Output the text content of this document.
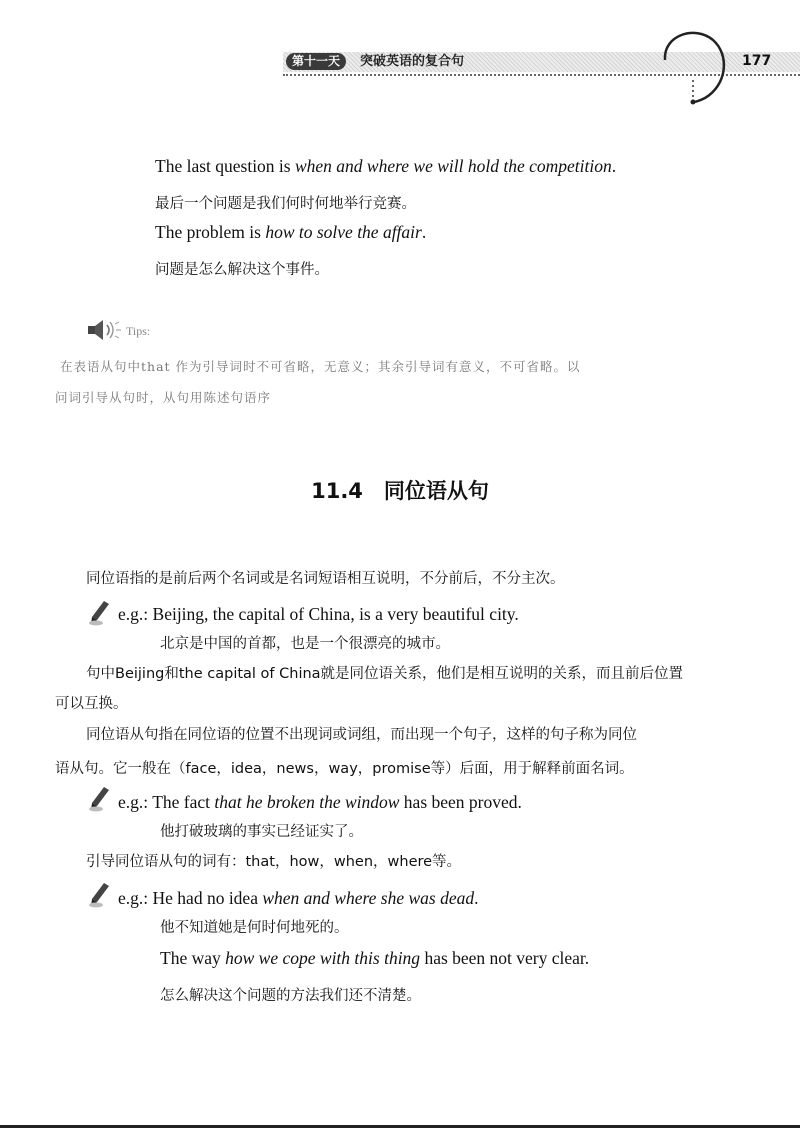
第十一天	突破英语的复合句	177
The last question is when and where we will hold the competition.
最后一个问题是我们何时何地举行竞赛。
The problem is how to solve the affair.
问题是怎么解决这个事件。
Tips:
在表语从句中that 作为引导词时不可省略，无意义；其余引导词有意义，不可省略。以
问词引导从句时，从句用陈述句语序
11.4　同位语从句
同位语指的是前后两个名词或是名词短语相互说明，不分前后，不分主次。
e.g.: Beijing, the capital of China, is a very beautiful city.
北京是中国的首都，也是一个很漂亮的城市。
句中Beijing和the capital of China就是同位语关系，他们是相互说明的关系，而且前后位置
可以互换。
同位语从句指在同位语的位置不出现词或词组，而出现一个句子，这样的句子称为同位
语从句。它一般在（face，idea，news，way，promise等）后面，用于解释前面名词。
e.g.: The fact that he broken the window has been proved.
他打破玻璃的事实已经证实了。
引导同位语从句的词有：that，how，when，where等。
e.g.: He had no idea when and where she was dead.
他不知道她是何时何地死的。
The way how we cope with this thing has been not very clear.
怎么解决这个问题的方法我们还不清楚。
